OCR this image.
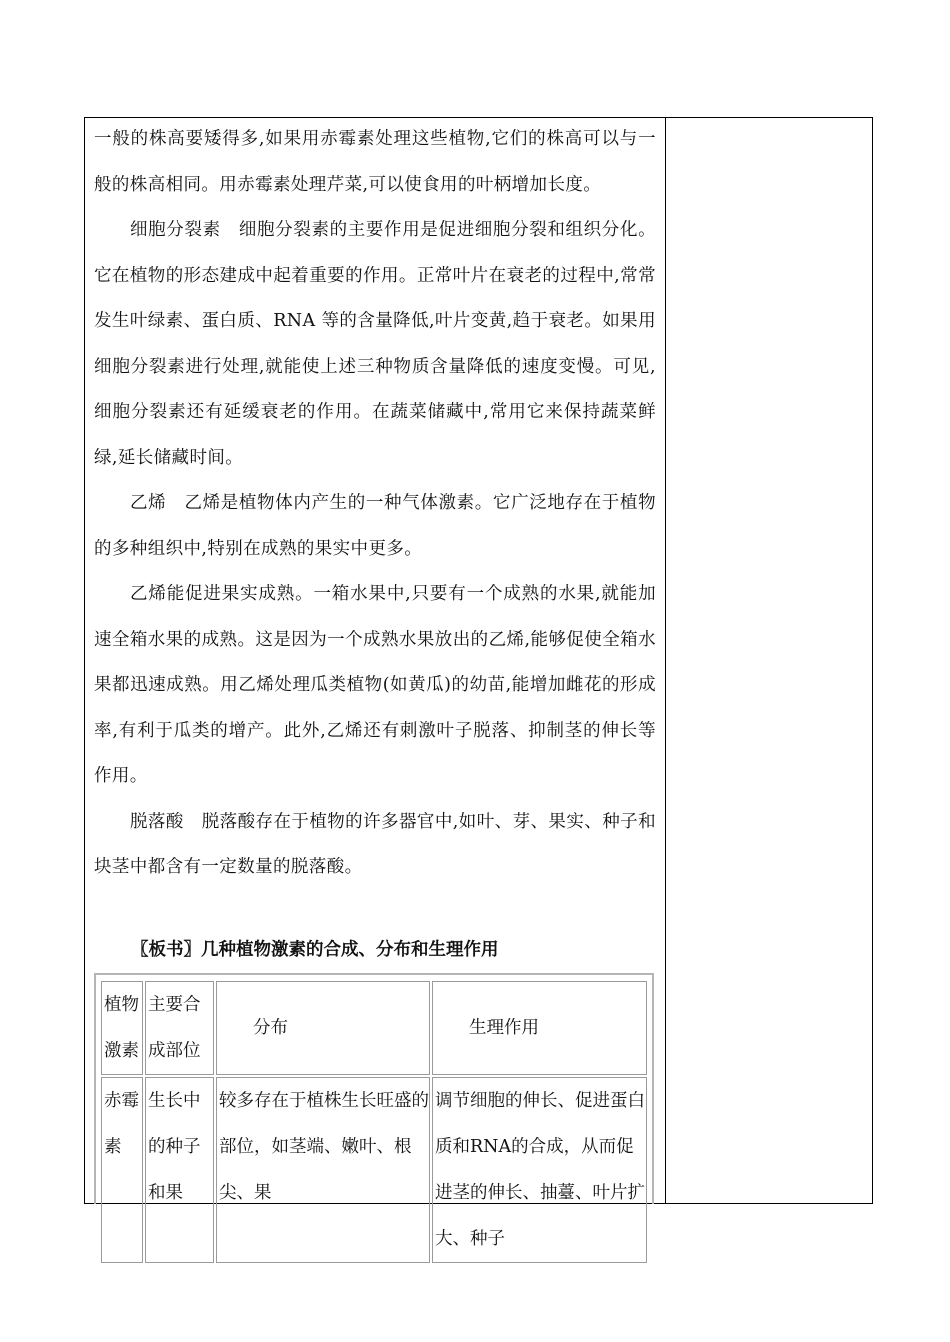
一般的株高要矮得多,如果用赤霉素处理这些植物,它们的株高可以与一般的株高相同。用赤霉素处理芹菜,可以使食用的叶柄增加长度。

细胞分裂素　细胞分裂素的主要作用是促进细胞分裂和组织分化。它在植物的形态建成中起着重要的作用。正常叶片在衰老的过程中,常常发生叶绿素、蛋白质、RNA 等的含量降低,叶片变黄,趋于衰老。如果用细胞分裂素进行处理,就能使上述三种物质含量降低的速度变慢。可见,细胞分裂素还有延缓衰老的作用。在蔬菜储藏中,常用它来保持蔬菜鲜绿,延长储藏时间。

乙烯　乙烯是植物体内产生的一种气体激素。它广泛地存在于植物的多种组织中,特别在成熟的果实中更多。

乙烯能促进果实成熟。一箱水果中,只要有一个成熟的水果,就能加速全箱水果的成熟。这是因为一个成熟水果放出的乙烯,能够促使全箱水果都迅速成熟。用乙烯处理瓜类植物(如黄瓜)的幼苗,能增加雌花的形成率,有利于瓜类的增产。此外,乙烯还有刺激叶子脱落、抑制茎的伸长等作用。

脱落酸　脱落酸存在于植物的许多器官中,如叶、芽、果实、种子和块茎中都含有一定数量的脱落酸。

〖板书〗几种植物激素的合成、分布和生理作用
植物激素	主要合成部位	分布	生理作用
赤霉素	生长中的种子和果	较多存在于植株生长旺盛的部位，如茎端、嫩叶、根尖、果	调节细胞的伸长、促进蛋白质和RNA的合成，从而促进茎的伸长、抽薹、叶片扩大、种子
